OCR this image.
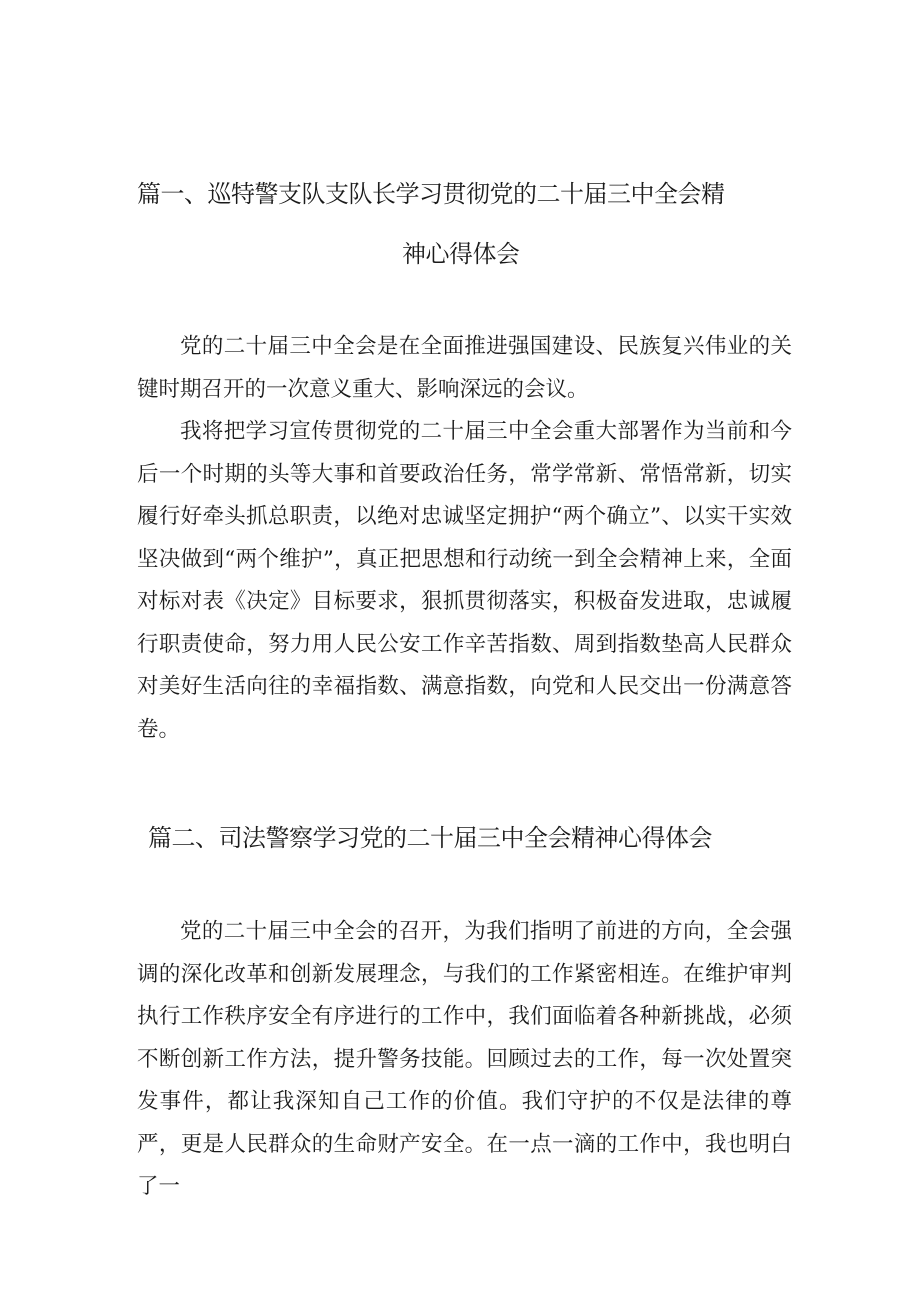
篇一、巡特警支队支队长学习贯彻党的二十届三中全会精
神心得体会

党的二十届三中全会是在全面推进强国建设、民族复兴伟业的关键时期召开的一次意义重大、影响深远的会议。

我将把学习宣传贯彻党的二十届三中全会重大部署作为当前和今后一个时期的头等大事和首要政治任务，常学常新、常悟常新，切实履行好牵头抓总职责，以绝对忠诚坚定拥护“两个确立”、以实干实效坚决做到“两个维护”，真正把思想和行动统一到全会精神上来，全面对标对表《决定》目标要求，狠抓贯彻落实，积极奋发进取，忠诚履行职责使命，努力用人民公安工作辛苦指数、周到指数垫高人民群众对美好生活向往的幸福指数、满意指数，向党和人民交出一份满意答卷。

篇二、司法警察学习党的二十届三中全会精神心得体会

党的二十届三中全会的召开，为我们指明了前进的方向，全会强调的深化改革和创新发展理念，与我们的工作紧密相连。在维护审判执行工作秩序安全有序进行的工作中，我们面临着各种新挑战，必须不断创新工作方法，提升警务技能。回顾过去的工作，每一次处置突发事件，都让我深知自己工作的价值。我们守护的不仅是法律的尊严，更是人民群众的生命财产安全。在一点一滴的工作中，我也明白了一
